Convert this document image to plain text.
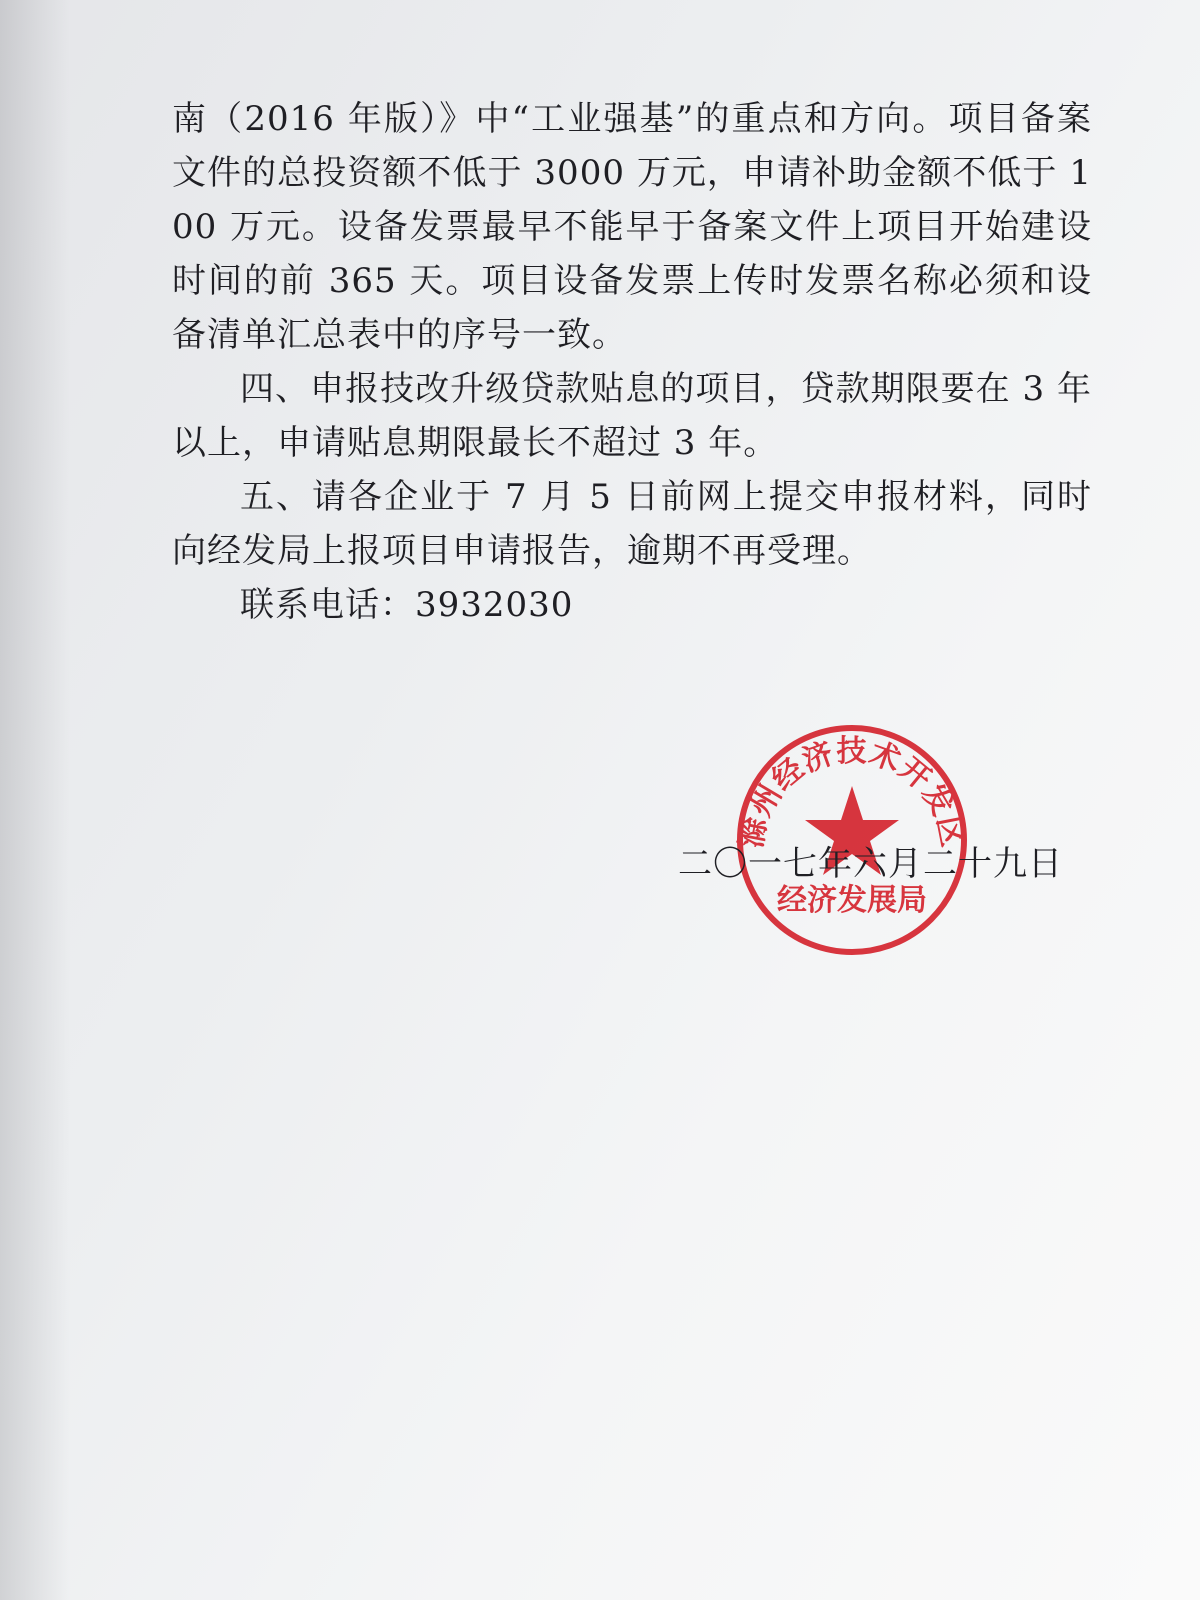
南（2016 年版）》中“工业强基”的重点和方向。项目备案文件的总投资额不低于 3000 万元，申请补助金额不低于 100 万元。设备发票最早不能早于备案文件上项目开始建设时间的前 365 天。项目设备发票上传时发票名称必须和设备清单汇总表中的序号一致。

四、申报技改升级贷款贴息的项目，贷款期限要在 3 年以上，申请贴息期限最长不超过 3 年。

五、请各企业于 7 月 5 日前网上提交申报材料，同时向经发局上报项目申请报告，逾期不再受理。

联系电话：3932030

滁州经济技术开发区
经济发展局
二〇一七年六月二十九日
